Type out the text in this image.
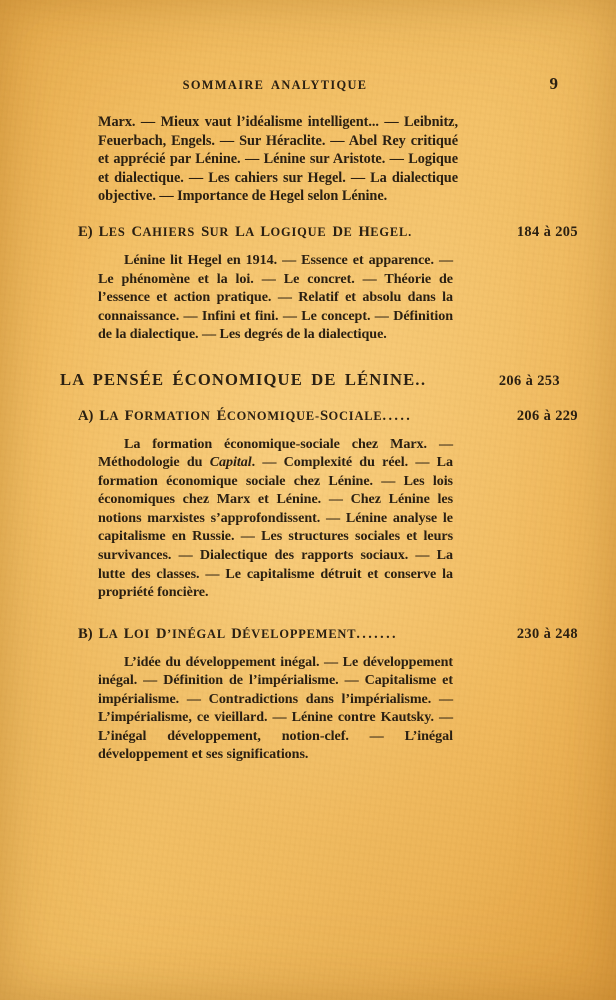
SOMMAIRE ANALYTIQUE	9

Marx. — Mieux vaut l’idéalisme intelligent... — Leibnitz, Feuerbach, Engels. — Sur Héraclite. — Abel Rey critiqué et apprécié par Lénine. — Lénine sur Aristote. — Logique et dialectique. — Les cahiers sur Hegel. — La dialectique objective. — Importance de Hegel selon Lénine.

E) LES CAHIERS SUR LA LOGIQUE DE HEGEL.	184 à 205

Lénine lit Hegel en 1914. — Essence et apparence. — Le phénomène et la loi. — Le concret. — Théorie de l’essence et action pratique. — Relatif et absolu dans la connaissance. — Infini et fini. — Le concept. — Définition de la dialectique. — Les degrés de la dialectique.

LA PENSÉE ÉCONOMIQUE DE LÉNINE ..	206 à 253
A) LA FORMATION ÉCONOMIQUE-SOCIALE .....	206 à 229

La formation économique-sociale chez Marx. — Méthodologie du Capital. — Complexité du réel. — La formation économique sociale chez Lénine. — Les lois économiques chez Marx et Lénine. — Chez Lénine les notions marxistes s’approfondissent. — Lénine analyse le capitalisme en Russie. — Les structures sociales et leurs survivances. — Dialectique des rapports sociaux. — La lutte des classes. — Le capitalisme détruit et conserve la propriété foncière.

B) LA LOI D’INÉGAL DÉVELOPPEMENT .......	230 à 248

L’idée du développement inégal. — Le développement inégal. — Définition de l’impérialisme. — Capitalisme et impérialisme. — Contradictions dans l’impérialisme. — L’impérialisme, ce vieillard. — Lénine contre Kautsky. — L’inégal développement, notion-clef. — L’inégal développement et ses significations.
